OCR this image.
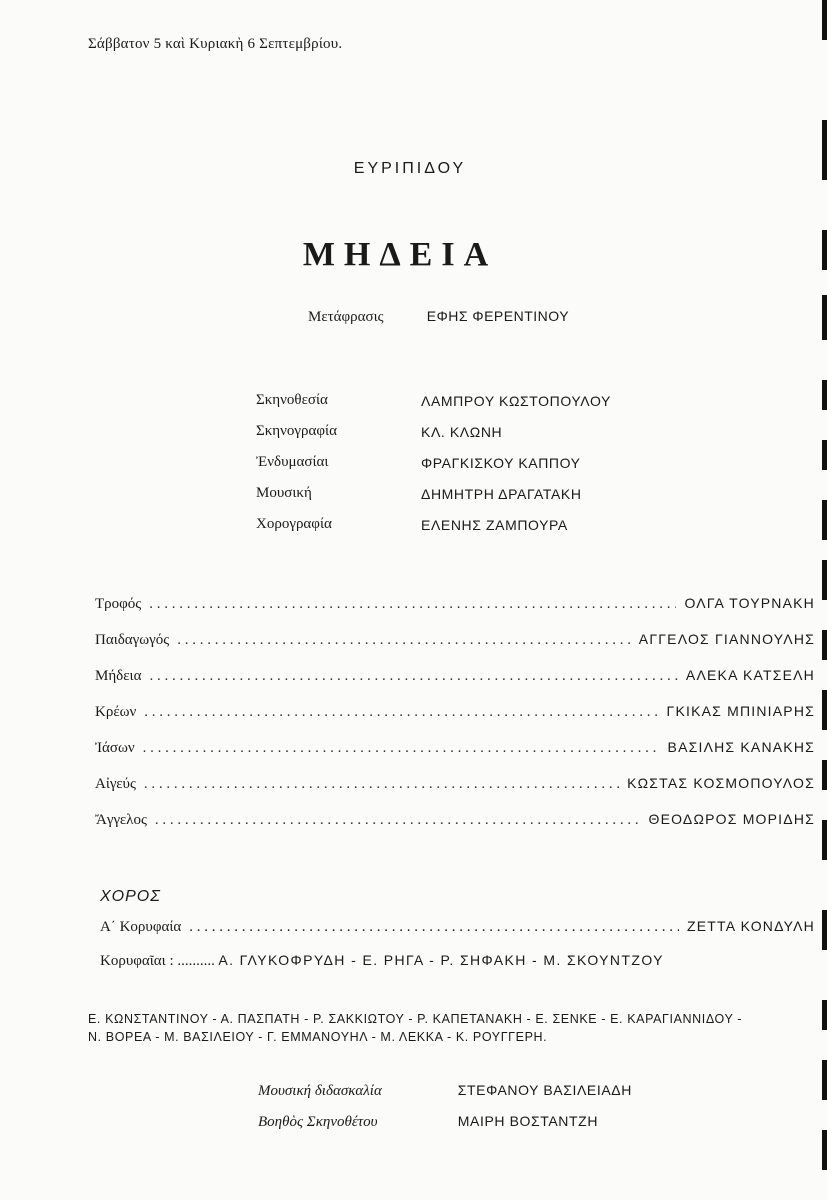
Σάββατον 5 καὶ Κυριακὴ 6 Σεπτεμβρίου.
ΕΥΡΙΠΙΔΟΥ
ΜΗΔΕΙΑ
Μετάφρασις	ΕΦΗΣ ΦΕΡΕΝΤΙΝΟΥ
Σκηνοθεσία	ΛΑΜΠΡΟΥ ΚΩΣΤΟΠΟΥΛΟΥ
Σκηνογραφία	ΚΛ. ΚΛΩΝΗ
Ἐνδυμασίαι	ΦΡΑΓΚΙΣΚΟΥ ΚΑΠΠΟΥ
Μουσική	ΔΗΜΗΤΡΗ ΔΡΑΓΑΤΑΚΗ
Χορογραφία	ΕΛΕΝΗΣ ΖΑΜΠΟΥΡΑ
Τροφός . . .	ΟΛΓΑ ΤΟΥΡΝΑΚΗ
Παιδαγωγός . . .	ΑΓΓΕΛΟΣ ΓΙΑΝΝΟΥΛΗΣ
Μήδεια . . .	ΑΛΕΚΑ ΚΑΤΣΕΛΗ
Κρέων . . .	ΓΚΙΚΑΣ ΜΠΙΝΙΑΡΗΣ
Ἰάσων . . .	ΒΑΣΙΛΗΣ ΚΑΝΑΚΗΣ
Αἰγεύς . . .	ΚΩΣΤΑΣ ΚΟΣΜΟΠΟΥΛΟΣ
Ἄγγελος . . .	ΘΕΟΔΩΡΟΣ ΜΟΡΙΔΗΣ
ΧΟΡΟΣ
Α΄ Κορυφαία . . .	ΖΕΤΤΑ ΚΟΝΔΥΛΗ
Κορυφαῖαι : .......... Α. ΓΛΥΚΟΦΡΥΔΗ - Ε. ΡΗΓΑ - Ρ. ΣΗΦΑΚΗ - Μ. ΣΚΟΥΝΤΖΟΥ
Ε. ΚΩΝΣΤΑΝΤΙΝΟΥ - Α. ΠΑΣΠΑΤΗ - Ρ. ΣΑΚΚΙΩΤΟΥ - Ρ. ΚΑΠΕΤΑΝΑΚΗ - Ε. ΣΕΝΚΕ - Ε. ΚΑΡΑΓΙΑΝΝΙΔΟΥ -
Ν. ΒΟΡΕΑ - Μ. ΒΑΣΙΛΕΙΟΥ - Γ. ΕΜΜΑΝΟΥΗΛ - Μ. ΛΕΚΚΑ - Κ. ΡΟΥΓΓΕΡΗ.
Μουσική διδασκαλία	ΣΤΕΦΑΝΟΥ ΒΑΣΙΛΕΙΑΔΗ
Βοηθὸς Σκηνοθέτου	ΜΑΙΡΗ ΒΟΣΤΑΝΤΖΗ
